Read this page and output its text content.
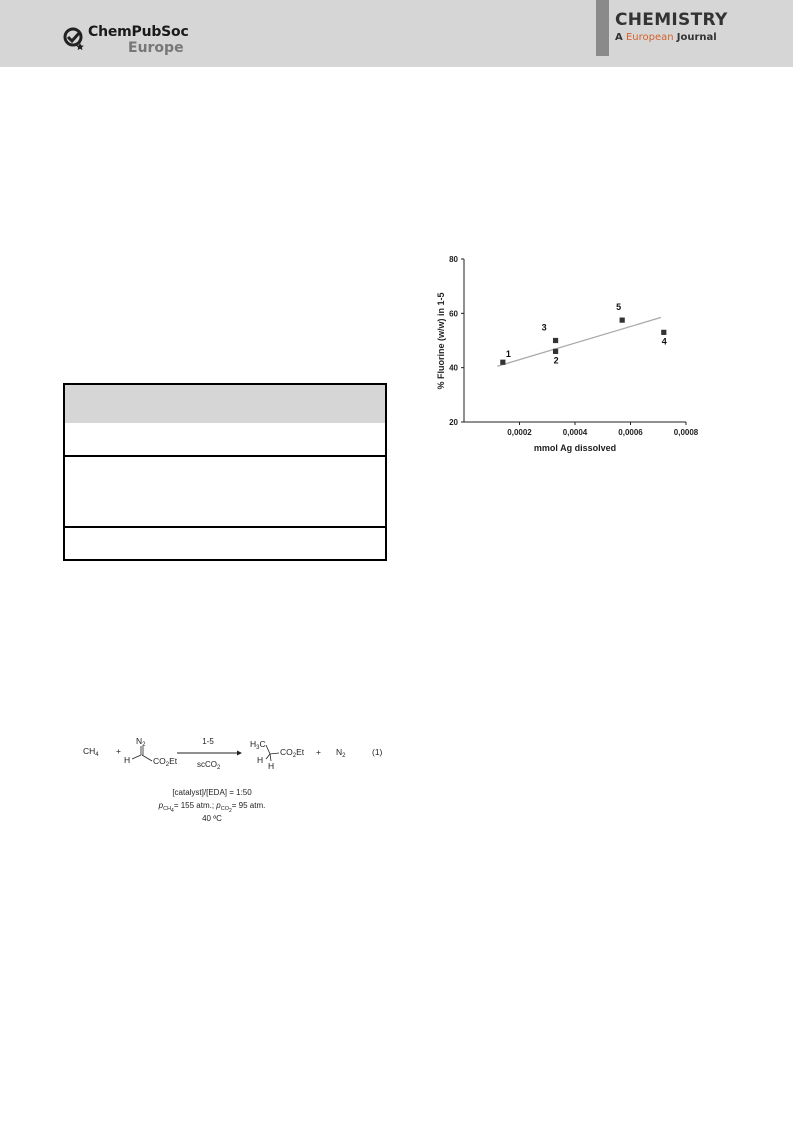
ChemPubSoc
Europe
CHEMISTRY
A European Journal
20
40
60
80
0,0002	0,0004	0,0006	0,0008
1
2
3
4
5
mmol Ag dissolved
% Fluorine (w/w) in 1-5
$CH_4$ +
$N_2$
H	$CO_2Et$
1-5
scCO$_2$
$H_3C$
$CO_2Et$
H
H
+ $N_2$	(1)
[catalyst]/[EDA] = 1:50
$p_{CH4}= 155$ atm.; $p_{CO2}= 95$ atm.
40 ºC
